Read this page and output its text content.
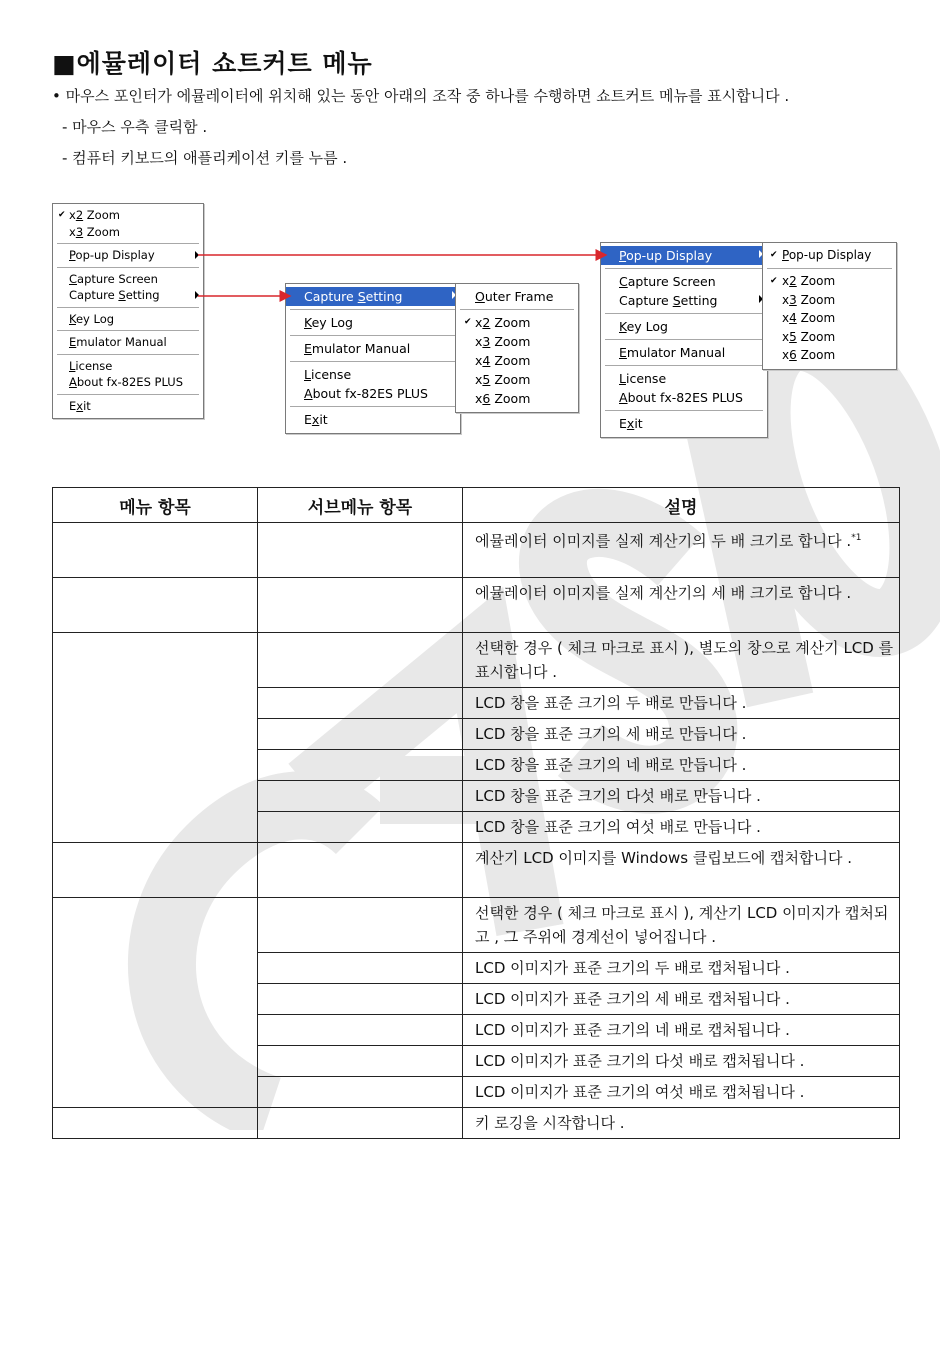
■에뮬레이터 쇼트커트 메뉴

• 마우스 포인터가 에뮬레이터에 위치해 있는 동안 아래의 조작 중 하나를 수행하면 쇼트커트 메뉴를 표시합니다 .

- 마우스 우측 클릭함 .

- 컴퓨터 키보드의 애플리케이션 키를 누름 .

✔ x2 Zoom
x3 Zoom
Pop-up Display
Capture Screen
Capture Setting
Key Log
Emulator Manual
License
About fx-82ES PLUS
Exit
Capture Setting
Key Log
Emulator Manual
License
About fx-82ES PLUS
Exit
Outer Frame
✔ x2 Zoom
x3 Zoom
x4 Zoom
x5 Zoom
x6 Zoom
Pop-up Display
Capture Screen
Capture Setting
Key Log
Emulator Manual
License
About fx-82ES PLUS
Exit
✔ Pop-up Display
✔ x2 Zoom
x3 Zoom
x4 Zoom
x5 Zoom
x6 Zoom
메뉴 항목	서브메뉴 항목	설명
		에뮬레이터 이미지를 실제 계산기의 두 배 크기로 합니다 .$^{*1}$
		에뮬레이터 이미지를 실제 계산기의 세 배 크기로 합니다 .
		선택한 경우 ( 체크 마크로 표시 ), 별도의 창으로 계산기 LCD 를 표시합니다 .
		LCD 창을 표준 크기의 두 배로 만듭니다 .
		LCD 창을 표준 크기의 세 배로 만듭니다 .
		LCD 창을 표준 크기의 네 배로 만듭니다 .
		LCD 창을 표준 크기의 다섯 배로 만듭니다 .
		LCD 창을 표준 크기의 여섯 배로 만듭니다 .
		계산기 LCD 이미지를 Windows 클립보드에 캡처합니다 .
		선택한 경우 ( 체크 마크로 표시 ), 계산기 LCD 이미지가 캡처되고 , 그 주위에 경계선이 넣어집니다 .
		LCD 이미지가 표준 크기의 두 배로 캡처됩니다 .
		LCD 이미지가 표준 크기의 세 배로 캡처됩니다 .
		LCD 이미지가 표준 크기의 네 배로 캡처됩니다 .
		LCD 이미지가 표준 크기의 다섯 배로 캡처됩니다 .
		LCD 이미지가 표준 크기의 여섯 배로 캡처됩니다 .
		키 로깅을 시작합니다 .
